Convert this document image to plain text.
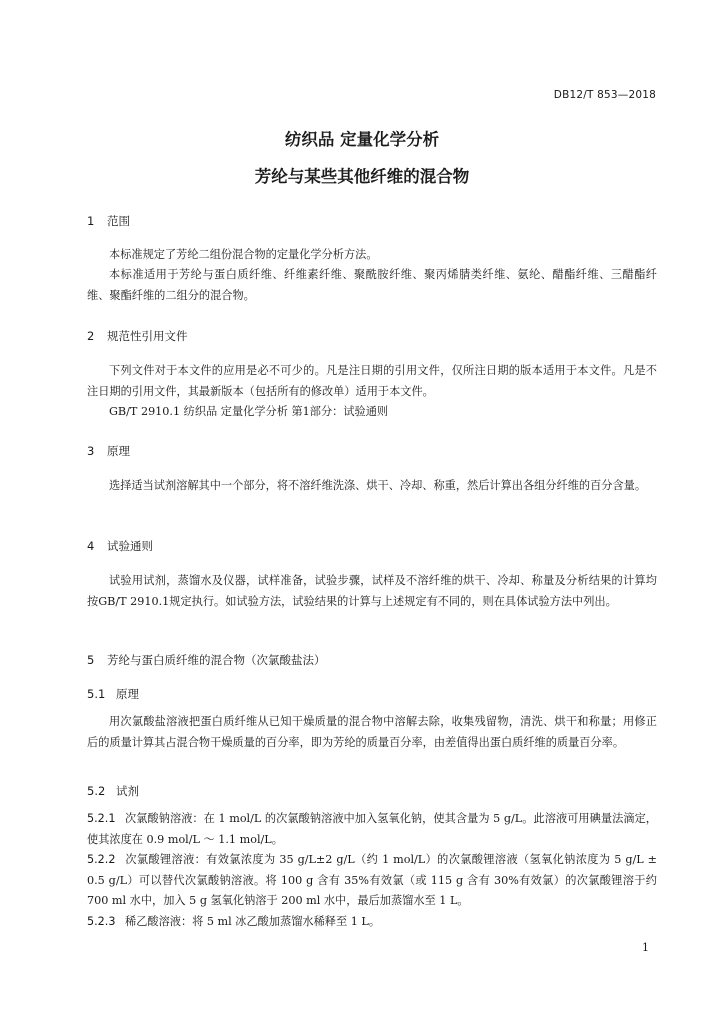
DB12/T 853—2018
纺织品 定量化学分析
芳纶与某些其他纤维的混合物
1 范围
本标准规定了芳纶二组份混合物的定量化学分析方法。
本标准适用于芳纶与蛋白质纤维、纤维素纤维、聚酰胺纤维、聚丙烯腈类纤维、氨纶、醋酯纤维、三醋酯纤维、聚酯纤维的二组分的混合物。
2 规范性引用文件
下列文件对于本文件的应用是必不可少的。凡是注日期的引用文件，仅所注日期的版本适用于本文件。凡是不注日期的引用文件，其最新版本（包括所有的修改单）适用于本文件。
GB/T 2910.1 纺织品 定量化学分析 第1部分：试验通则
3 原理
选择适当试剂溶解其中一个部分，将不溶纤维洗涤、烘干、冷却、称重，然后计算出各组分纤维的百分含量。
4 试验通则
试验用试剂，蒸馏水及仪器，试样准备，试验步骤，试样及不溶纤维的烘干、冷却、称量及分析结果的计算均按GB/T 2910.1规定执行。如试验方法，试验结果的计算与上述规定有不同的，则在具体试验方法中列出。
5 芳纶与蛋白质纤维的混合物（次氯酸盐法）
5.1 原理
用次氯酸盐溶液把蛋白质纤维从已知干燥质量的混合物中溶解去除，收集残留物，清洗、烘干和称量；用修正后的质量计算其占混合物干燥质量的百分率，即为芳纶的质量百分率，由差值得出蛋白质纤维的质量百分率。
5.2 试剂
5.2.1 次氯酸钠溶液：在 1 mol/L 的次氯酸钠溶液中加入氢氧化钠，使其含量为 5 g/L。此溶液可用碘量法滴定，使其浓度在 0.9 mol/L ～ 1.1 mol/L。
5.2.2 次氯酸锂溶液：有效氯浓度为 35 g/L±2 g/L（约 1 mol/L）的次氯酸锂溶液（氢氧化钠浓度为 5 g/L ± 0.5 g/L）可以替代次氯酸钠溶液。将 100 g 含有 35%有效氯（或 115 g 含有 30%有效氯）的次氯酸锂溶于约 700 ml 水中，加入 5 g 氢氧化钠溶于 200 ml 水中，最后加蒸馏水至 1 L。
5.2.3 稀乙酸溶液：将 5 ml 冰乙酸加蒸馏水稀释至 1 L。
1
